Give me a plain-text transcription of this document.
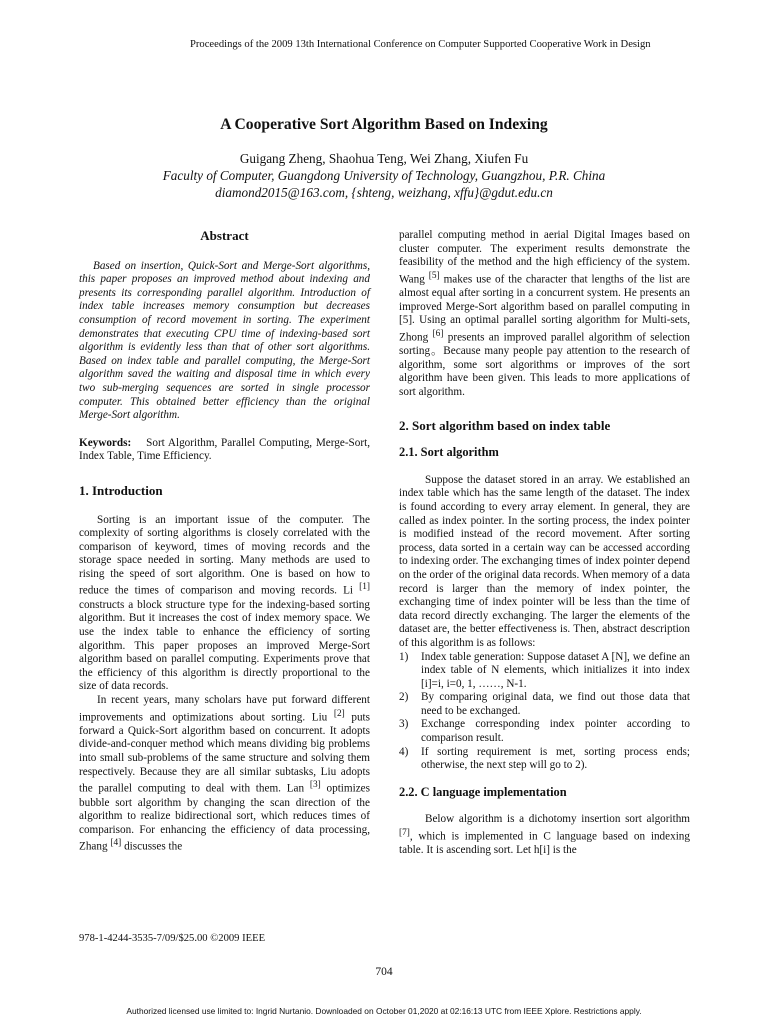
Proceedings of the 2009 13th International Conference on Computer Supported Cooperative Work in Design
A Cooperative Sort Algorithm Based on Indexing
Guigang Zheng, Shaohua Teng, Wei Zhang, Xiufen Fu
Faculty of Computer, Guangdong University of Technology, Guangzhou, P.R. China
diamond2015@163.com, {shteng, weizhang, xffu}@gdut.edu.cn
Abstract

Based on insertion, Quick-Sort and Merge-Sort algorithms, this paper proposes an improved method about indexing and presents its corresponding parallel algorithm. Introduction of index table increases memory consumption but decreases consumption of record movement in sorting. The experiment demonstrates that executing CPU time of indexing-based sort algorithm is evidently less than that of other sort algorithms. Based on index table and parallel computing, the Merge-Sort algorithm saved the waiting and disposal time in which every two sub-merging sequences are sorted in single processor computer. This obtained better efficiency than the original Merge-Sort algorithm.

Keywords: Sort Algorithm, Parallel Computing, Merge-Sort, Index Table, Time Efficiency.

1. Introduction

Sorting is an important issue of the computer. The complexity of sorting algorithms is closely correlated with the comparison of keyword, times of moving records and the storage space needed in sorting. Many methods are used to rising the speed of sort algorithm. One is based on how to reduce the times of comparison and moving records. Li [1] constructs a block structure type for the indexing-based sorting algorithm. But it increases the cost of index memory space. We use the index table to enhance the efficiency of sorting algorithm. This paper proposes an improved Merge-Sort algorithm based on parallel computing. Experiments prove that the efficiency of this algorithm is directly proportional to the size of data records.

In recent years, many scholars have put forward different improvements and optimizations about sorting. Liu [2] puts forward a Quick-Sort algorithm based on concurrent. It adopts divide-and-conquer method which means dividing big problems into small sub-problems of the same structure and solving them respectively. Because they are all similar subtasks, Liu adopts the parallel computing to deal with them. Lan [3] optimizes bubble sort algorithm by changing the scan direction of the algorithm to realize bidirectional sort, which reduces times of comparison. For enhancing the efficiency of data processing, Zhang [4] discusses the

parallel computing method in aerial Digital Images based on cluster computer. The experiment results demonstrate the feasibility of the method and the high efficiency of the system. Wang [5] makes use of the character that lengths of the list are almost equal after sorting in a concurrent system. He presents an improved Merge-Sort algorithm based on parallel computing in [5]. Using an optimal parallel sorting algorithm for Multi-sets, Zhong [6] presents an improved parallel algorithm of selection sorting。Because many people pay attention to the research of algorithm, some sort algorithms or improves of the sort algorithm have been given. This leads to more applications of sort algorithm.

2. Sort algorithm based on index table
2.1. Sort algorithm

Suppose the dataset stored in an array. We established an index table which has the same length of the dataset. The index is found according to every array element. In general, they are called as index pointer. In the sorting process, the index pointer is modified instead of the record movement. After sorting process, data sorted in a certain way can be accessed according to indexing order. The exchanging times of index pointer depend on the order of the original data records. When memory of a data record is larger than the memory of index pointer, the exchanging time of index pointer will be less than the time of data record directly exchanging. The larger the elements of the dataset are, the better effectiveness is. Then, abstract description of this algorithm is as follows:

1) Index table generation: Suppose dataset A [N], we define an index table of N elements, which initializes it into index [i]=i, i=0, 1, ……, N-1.
2) By comparing original data, we find out those data that need to be exchanged.
3) Exchange corresponding index pointer according to comparison result.
4) If sorting requirement is met, sorting process ends; otherwise, the next step will go to 2).
2.2. C language implementation

Below algorithm is a dichotomy insertion sort algorithm [7], which is implemented in C language based on indexing table. It is ascending sort. Let h[i] is the

978-1-4244-3535-7/09/$25.00 ©2009 IEEE
704
Authorized licensed use limited to: Ingrid Nurtanio. Downloaded on October 01,2020 at 02:16:13 UTC from IEEE Xplore. Restrictions apply.
